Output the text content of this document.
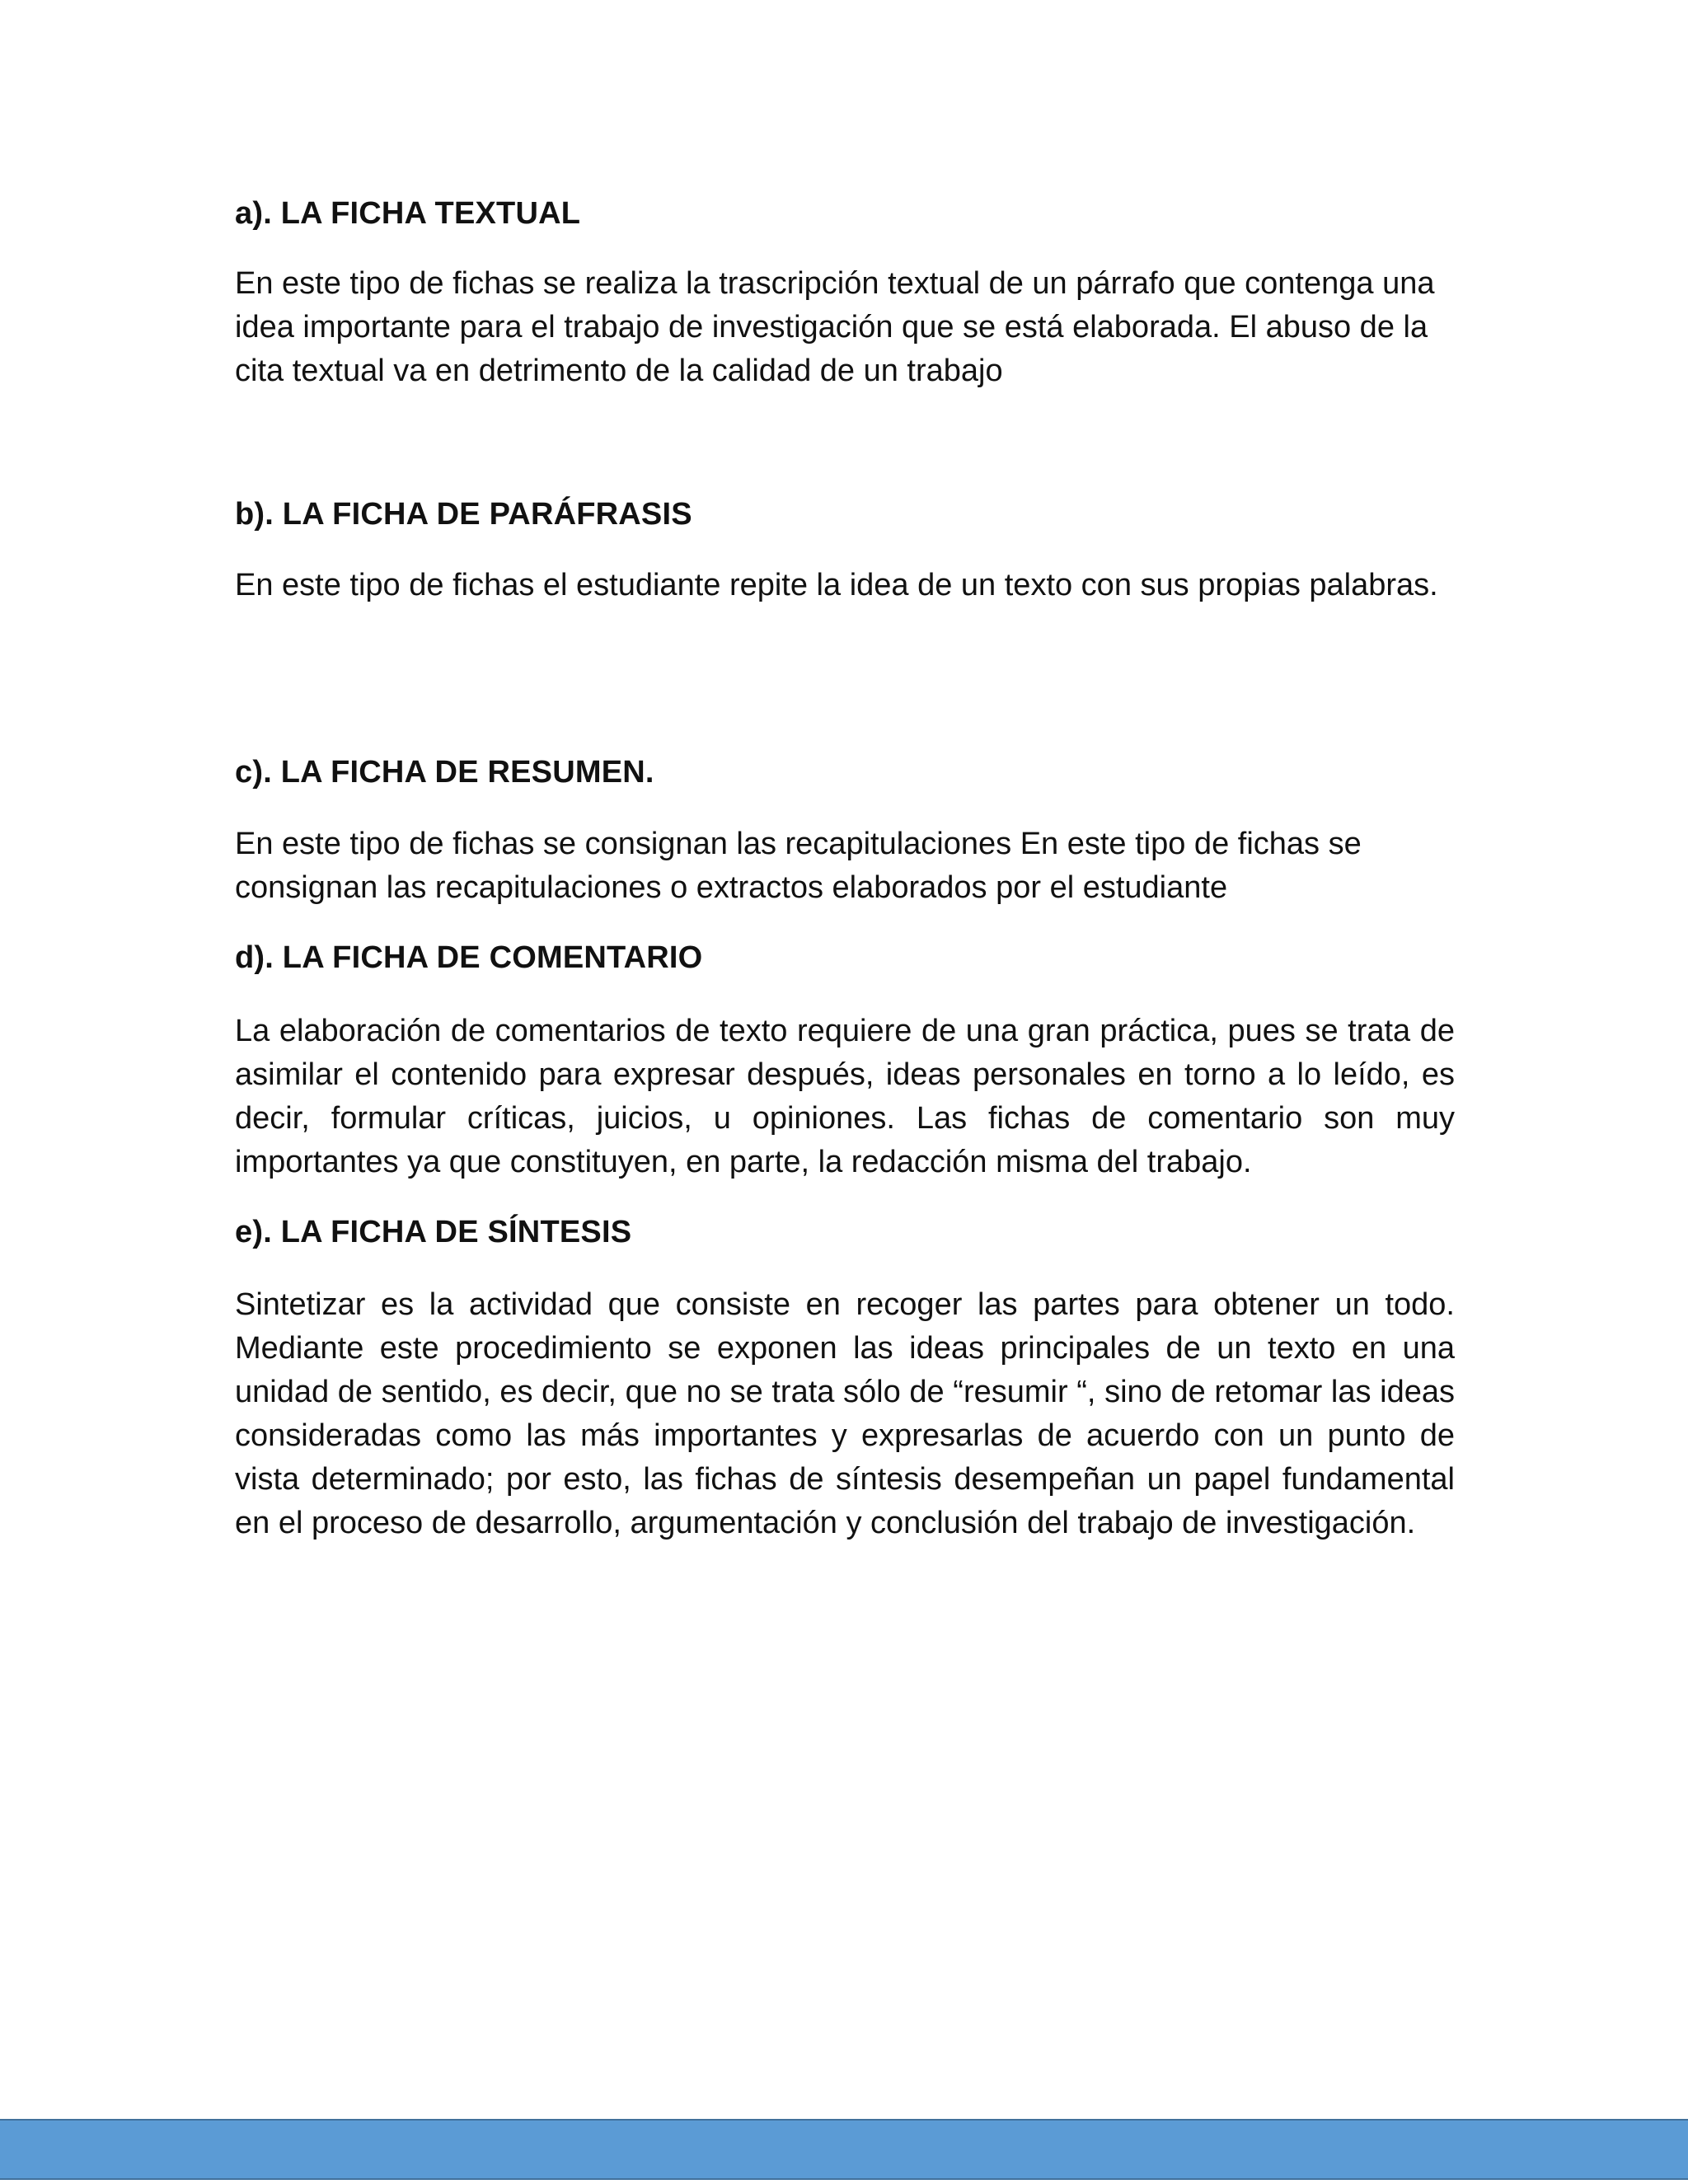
a). LA FICHA TEXTUAL

En este tipo de fichas se realiza la trascripción textual de un párrafo que contenga una idea importante para el trabajo de investigación que se está elaborada. El abuso de la cita textual va en detrimento de la calidad de un trabajo

b). LA FICHA DE PARÁFRASIS

En este tipo de fichas el estudiante repite la idea de un texto con sus propias palabras.

c). LA FICHA DE RESUMEN.

En este tipo de fichas se consignan las recapitulaciones En este tipo de fichas se consignan las recapitulaciones o extractos elaborados por el estudiante

d). LA FICHA DE COMENTARIO

La elaboración de comentarios de texto requiere de una gran práctica, pues se trata de asimilar el contenido para expresar después, ideas personales en torno a lo leído, es decir, formular críticas, juicios, u opiniones. Las fichas de comentario son muy importantes ya que constituyen, en parte, la redacción misma del trabajo.

e). LA FICHA DE SÍNTESIS

Sintetizar es la actividad que consiste en recoger las partes para obtener un todo. Mediante este procedimiento se exponen las ideas principales de un texto en una unidad de sentido, es decir, que no se trata sólo de “resumir “, sino de retomar las ideas consideradas como las más importantes y expresarlas de acuerdo con un punto de vista determinado; por esto, las fichas de síntesis desempeñan un papel fundamental en el proceso de desarrollo, argumentación y conclusión del trabajo de investigación.
